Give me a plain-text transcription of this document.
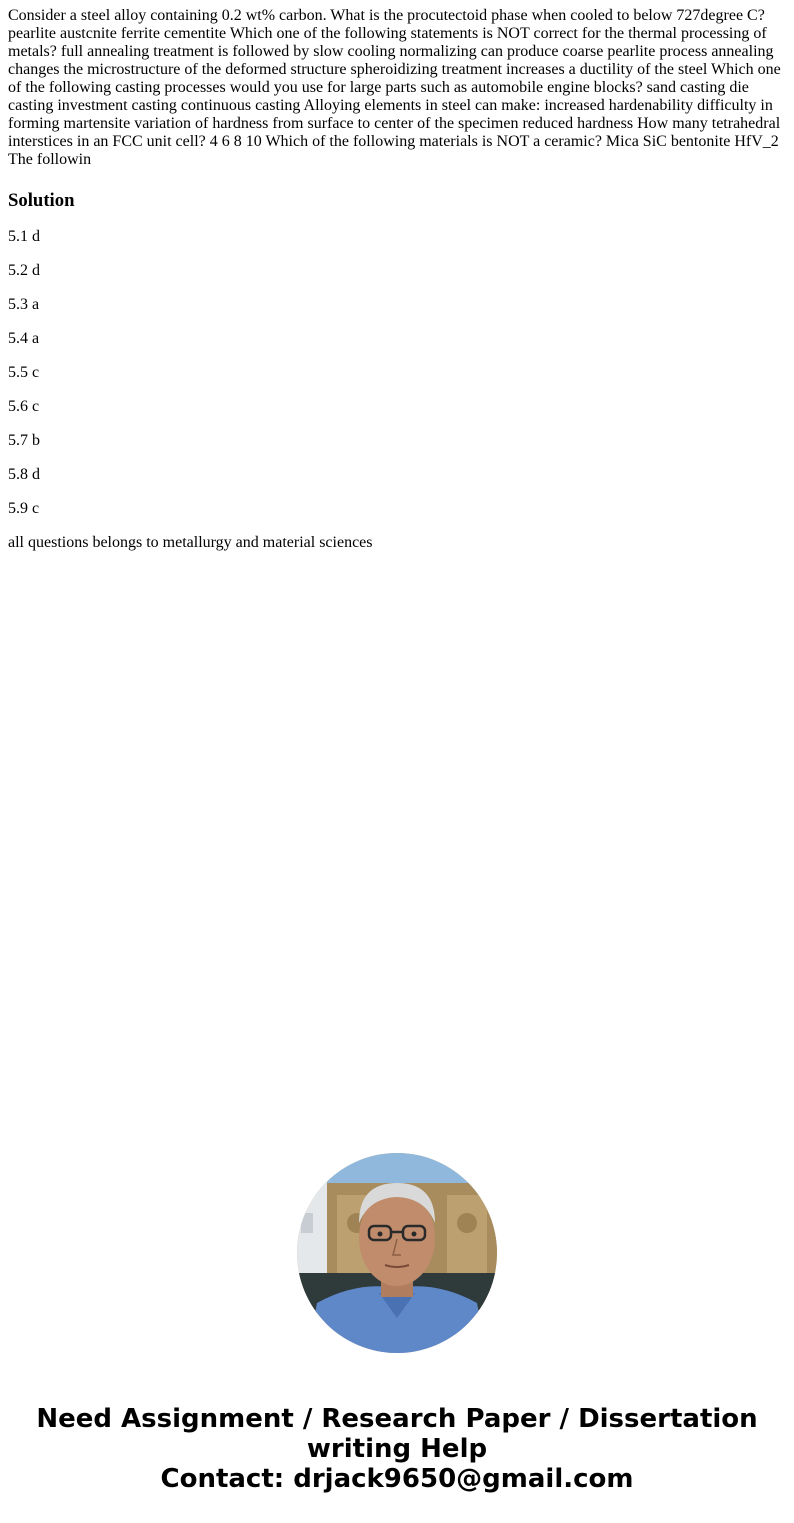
Consider a steel alloy containing 0.2 wt% carbon. What is the procutectoid phase when cooled to below 727degree C? pearlite austcnite ferrite cementite Which one of the following statements is NOT correct for the thermal processing of metals? full annealing treatment is followed by slow cooling normalizing can produce coarse pearlite process annealing changes the microstructure of the deformed structure spheroidizing treatment increases a ductility of the steel Which one of the following casting processes would you use for large parts such as automobile engine blocks? sand casting die casting investment casting continuous casting Alloying elements in steel can make: increased hardenability difficulty in forming martensite variation of hardness from surface to center of the specimen reduced hardness How many tetrahedral interstices in an FCC unit cell? 4 6 8 10 Which of the following materials is NOT a ceramic? Mica SiC bentonite HfV_2 The followin

Solution
5.1 d
5.2 d
5.3 a
5.4 a
5.5 c
5.6 c
5.7 b
5.8 d
5.9 c

all questions belongs to metallurgy and material sciences

Need Assignment / Research Paper / Dissertation
writing Help
Contact: drjack9650@gmail.com
